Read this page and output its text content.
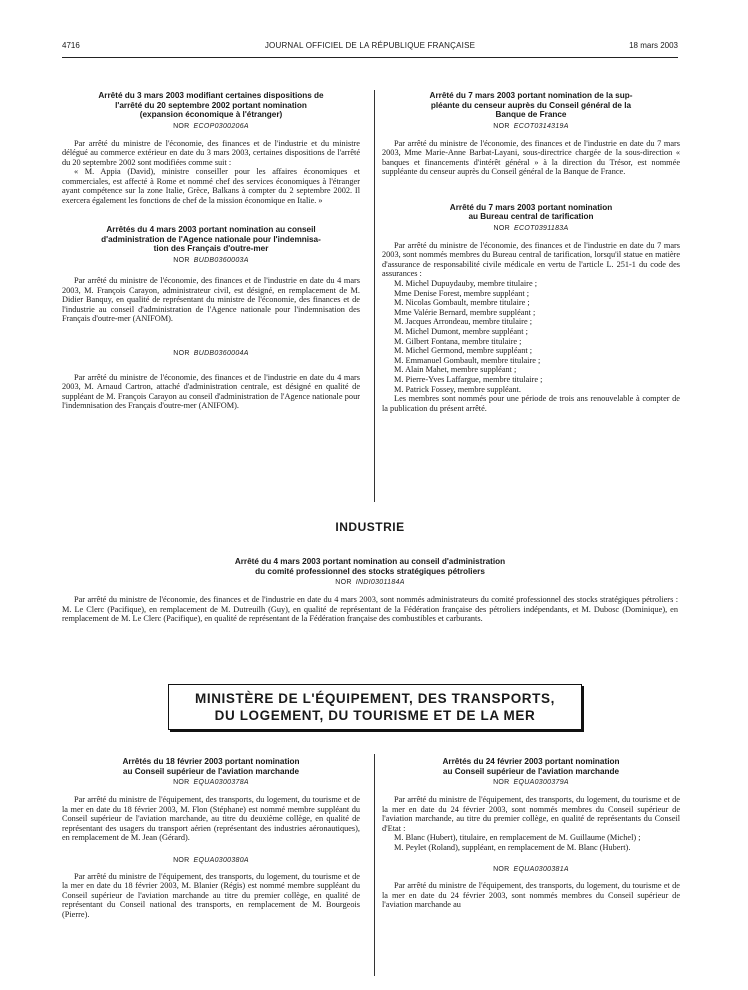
4716	JOURNAL OFFICIEL DE LA RÉPUBLIQUE FRANÇAISE	18 mars 2003

Arrêté du 3 mars 2003 modifiant certaines dispositions de

l'arrêté du 20 septembre 2002 portant nomination

(expansion économique à l'étranger)

NOR ECOP0300206A

Par arrêté du ministre de l'économie, des finances et de l'industrie et du ministre délégué au commerce extérieur en date du 3 mars 2003, certaines dispositions de l'arrêté du 20 septembre 2002 sont modifiées comme suit :

« M. Appia (David), ministre conseiller pour les affaires économiques et commerciales, est affecté à Rome et nommé chef des services économiques à l'étranger ayant compétence sur la zone Italie, Grèce, Balkans à compter du 2 septembre 2002. Il exercera également les fonctions de chef de la mission économique en Italie. »

Arrêtés du 4 mars 2003 portant nomination au conseil

d'administration de l'Agence nationale pour l'indemnisa-

tion des Français d'outre-mer

NOR BUDB0360003A

Par arrêté du ministre de l'économie, des finances et de l'industrie en date du 4 mars 2003, M. François Carayon, administrateur civil, est désigné, en remplacement de M. Didier Banquy, en qualité de représentant du ministre de l'économie, des finances et de l'industrie au conseil d'administration de l'Agence nationale pour l'indemnisation des Français d'outre-mer (ANIFOM).

NOR BUDB0360004A

Par arrêté du ministre de l'économie, des finances et de l'industrie en date du 4 mars 2003, M. Arnaud Cartron, attaché d'administration centrale, est désigné en qualité de suppléant de M. François Carayon au conseil d'administration de l'Agence nationale pour l'indemnisation des Français d'outre-mer (ANIFOM).

Arrêté du 7 mars 2003 portant nomination de la sup-

pléante du censeur auprès du Conseil général de la

Banque de France

NOR ECOT0314319A

Par arrêté du ministre de l'économie, des finances et de l'industrie en date du 7 mars 2003, Mme Marie-Anne Barbat-Layani, sous-directrice chargée de la sous-direction « banques et financements d'intérêt général » à la direction du Trésor, est nommée suppléante du censeur auprès du Conseil général de la Banque de France.

Arrêté du 7 mars 2003 portant nomination

au Bureau central de tarification

NOR ECOT0391183A

Par arrêté du ministre de l'économie, des finances et de l'industrie en date du 7 mars 2003, sont nommés membres du Bureau central de tarification, lorsqu'il statue en matière d'assurance de responsabilité civile médicale en vertu de l'article L. 251-1 du code des assurances :

M. Michel Dupuydauby, membre titulaire ;

Mme Denise Forest, membre suppléant ;

M. Nicolas Gombault, membre titulaire ;

Mme Valérie Bernard, membre suppléant ;

M. Jacques Arrondeau, membre titulaire ;

M. Michel Dumont, membre suppléant ;

M. Gilbert Fontana, membre titulaire ;

M. Michel Germond, membre suppléant ;

M. Emmanuel Gombault, membre titulaire ;

M. Alain Mahet, membre suppléant ;

M. Pierre-Yves Laffargue, membre titulaire ;

M. Patrick Fossey, membre suppléant.

Les membres sont nommés pour une période de trois ans renouvelable à compter de la publication du présent arrêté.

INDUSTRIE

Arrêté du 4 mars 2003 portant nomination au conseil d'administration

du comité professionnel des stocks stratégiques pétroliers

NOR INDI0301184A

Par arrêté du ministre de l'économie, des finances et de l'industrie en date du 4 mars 2003, sont nommés administrateurs du comité professionnel des stocks stratégiques pétroliers : M. Le Clerc (Pacifique), en remplacement de M. Dutreuilh (Guy), en qualité de représentant de la Fédération française des pétroliers indépendants, et M. Dubosc (Dominique), en remplacement de M. Le Clerc (Pacifique), en qualité de représentant de la Fédération française des combustibles et carburants.

MINISTÈRE DE L'ÉQUIPEMENT, DES TRANSPORTS,
DU LOGEMENT, DU TOURISME ET DE LA MER

Arrêtés du 18 février 2003 portant nomination

au Conseil supérieur de l'aviation marchande

NOR EQUA0300378A

Par arrêté du ministre de l'équipement, des transports, du logement, du tourisme et de la mer en date du 18 février 2003, M. Flon (Stéphane) est nommé membre suppléant du Conseil supérieur de l'aviation marchande, au titre du deuxième collège, en qualité de représentant des usagers du transport aérien (représentant des industries aéronautiques), en remplacement de M. Jean (Gérard).

NOR EQUA0300380A

Par arrêté du ministre de l'équipement, des transports, du logement, du tourisme et de la mer en date du 18 février 2003, M. Blanier (Régis) est nommé membre suppléant du Conseil supérieur de l'aviation marchande au titre du premier collège, en qualité de représentant du Conseil national des transports, en remplacement de M. Bourgeois (Pierre).

Arrêtés du 24 février 2003 portant nomination

au Conseil supérieur de l'aviation marchande

NOR EQUA0300379A

Par arrêté du ministre de l'équipement, des transports, du logement, du tourisme et de la mer en date du 24 février 2003, sont nommés membres du Conseil supérieur de l'aviation marchande, au titre du premier collège, en qualité de représentants du Conseil d'Etat :

M. Blanc (Hubert), titulaire, en remplacement de M. Guillaume (Michel) ;

M. Peylet (Roland), suppléant, en remplacement de M. Blanc (Hubert).

NOR EQUA0300381A

Par arrêté du ministre de l'équipement, des transports, du logement, du tourisme et de la mer en date du 24 février 2003, sont nommés membres du Conseil supérieur de l'aviation marchande au
